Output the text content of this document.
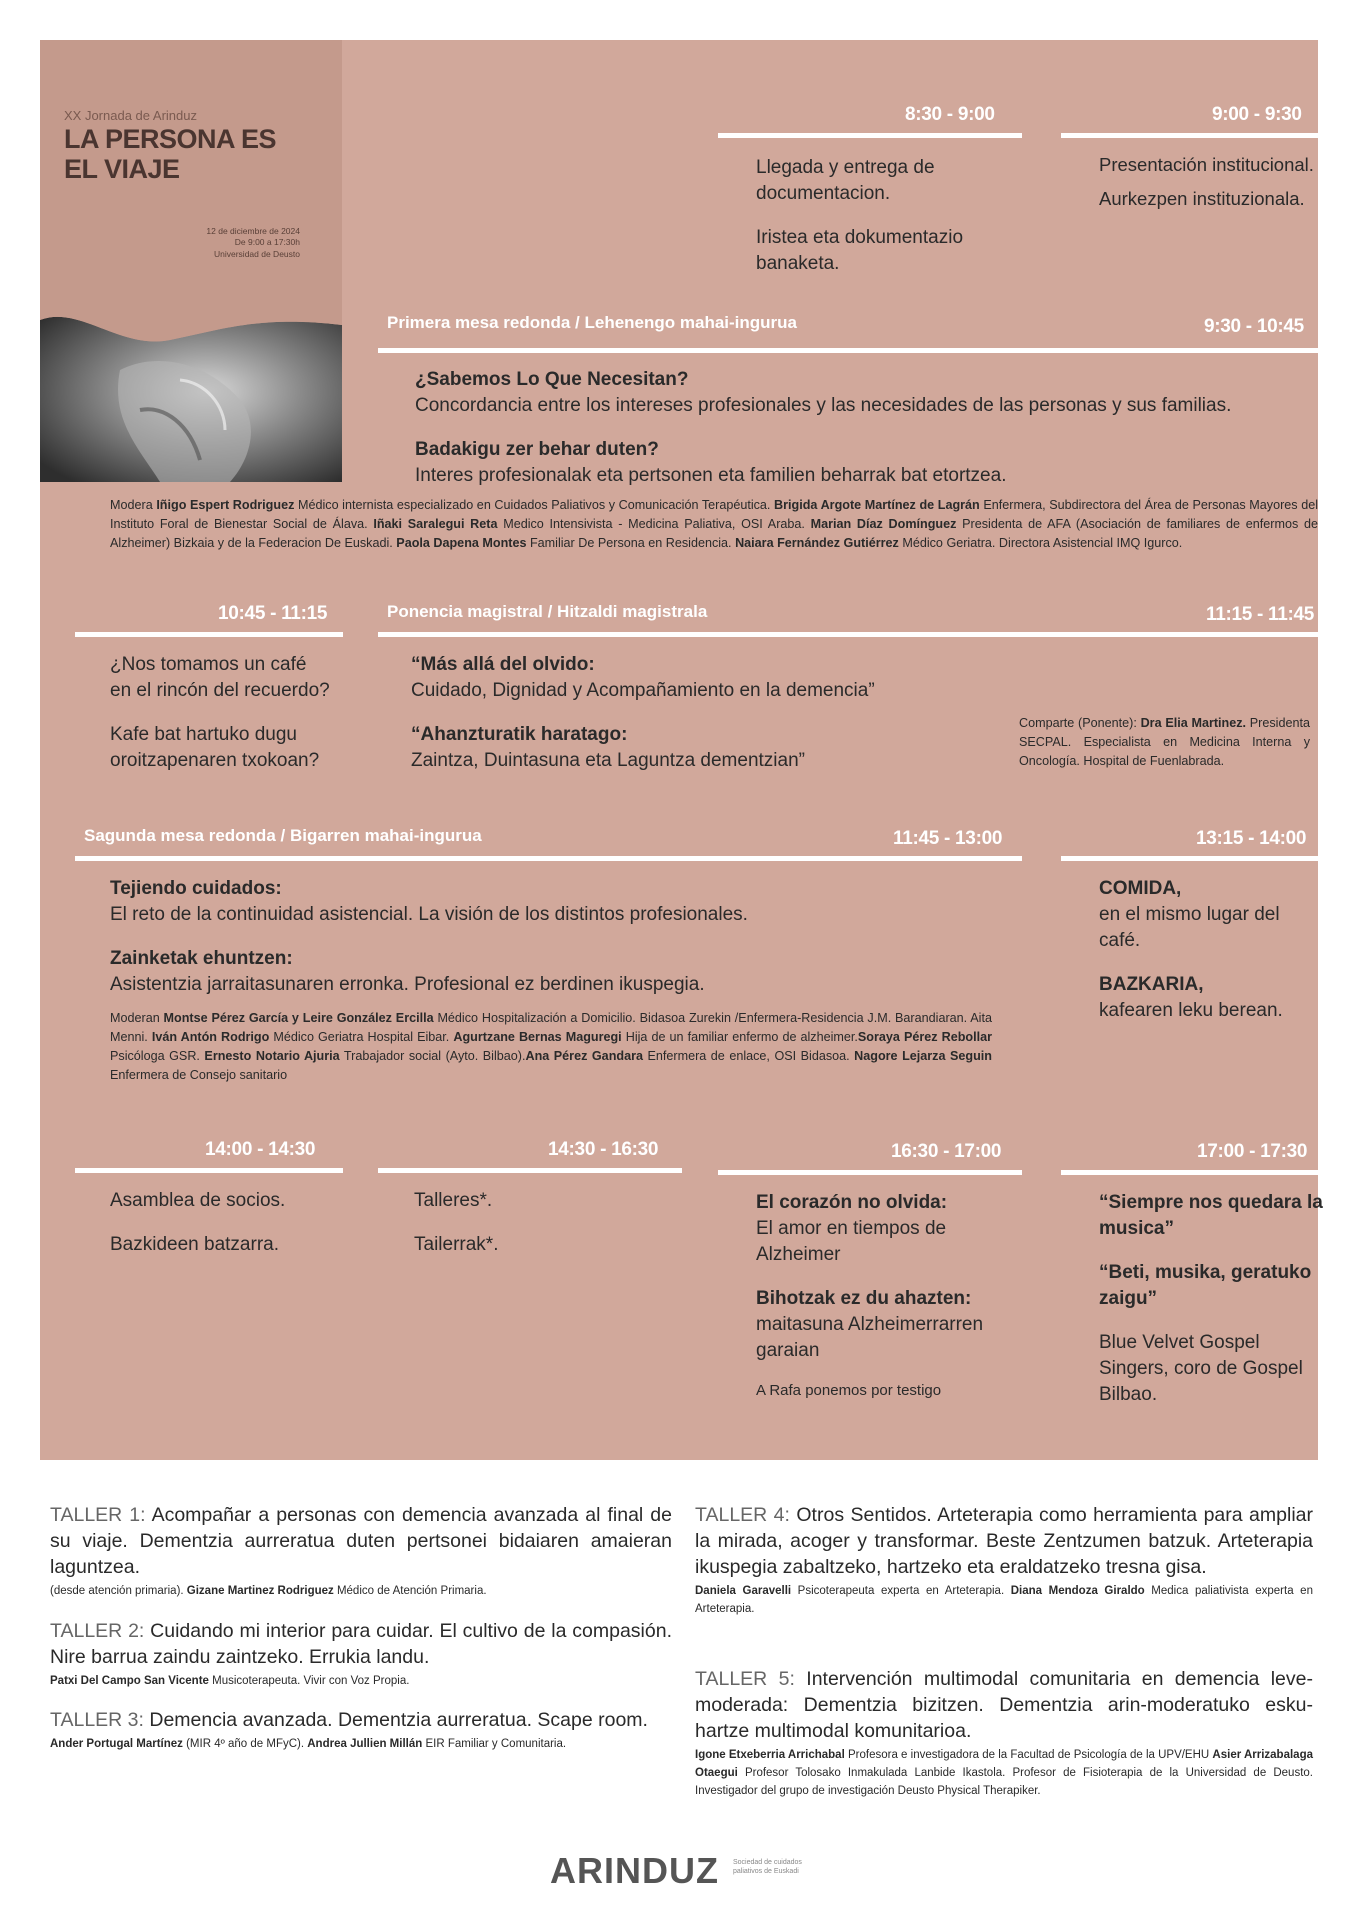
XX Jornada de Arinduz
LA PERSONA ES
EL VIAJE
12 de diciembre de 2024
De 9:00 a 17:30h
Universidad de Deusto
8:30 - 9:00

Llegada y entrega de documentacion.

Iristea eta dokumentazio banaketa.

9:00 - 9:30

Presentación institucional.

Aurkezpen instituzionala.

Primera mesa redonda / Lehenengo mahai-ingurua	9:30 - 10:45
¿Sabemos Lo Que Necesitan?

Concordancia entre los intereses profesionales y las necesidades de las personas y sus familias.

Badakigu zer behar duten?
Interes profesionalak eta pertsonen eta familien beharrak bat etortzea.
Modera Iñigo Espert Rodriguez Médico internista especializado en Cuidados Paliativos y Comunicación Terapéutica. Brigida Argote Martínez de Lagrán Enfermera, Subdirectora del Área de Personas Mayores del Instituto Foral de Bienestar Social de Álava. Iñaki Saralegui Reta Medico Intensivista - Medicina Paliativa, OSI Araba. Marian Díaz Domínguez Presidenta de AFA (Asociación de familiares de enfermos de Alzheimer) Bizkaia y de la Federacion De Euskadi. Paola Dapena Montes Familiar De Persona en Residencia. Naiara Fernández Gutiérrez Médico Geriatra. Directora Asistencial IMQ Igurco.
10:45 - 11:15
¿Nos tomamos un café

en el rincón del recuerdo?

Kafe bat hartuko dugu
oroitzapenaren txokoan?
Ponencia magistral / Hitzaldi magistrala	11:15 - 11:45
“Más allá del olvido:

Cuidado, Dignidad y Acompañamiento en la demencia”

“Ahanzturatik haratago:
Zaintza, Duintasuna eta Laguntza dementzian”
Comparte (Ponente): Dra Elia Martinez. Presidenta SECPAL. Especialista en Medicina Interna y Oncología. Hospital de Fuenlabrada.
Sagunda mesa redonda / Bigarren mahai-ingurua	11:45 - 13:00
Tejiendo cuidados:

El reto de la continuidad asistencial. La visión de los distintos profesionales.

Zainketak ehuntzen:
Asistentzia jarraitasunaren erronka. Profesional ez berdinen ikuspegia.
Moderan Montse Pérez García y Leire González Ercilla Médico Hospitalización a Domicilio. Bidasoa Zurekin /Enfermera-Residencia J.M. Barandiaran. Aita Menni. Iván Antón Rodrigo Médico Geriatra Hospital Eibar. Agurtzane Bernas Maguregi Hija de un familiar enfermo de alzheimer.Soraya Pérez Rebollar Psicóloga GSR. Ernesto Notario Ajuria Trabajador social (Ayto. Bilbao).Ana Pérez Gandara Enfermera de enlace, OSI Bidasoa. Nagore Lejarza Seguin Enfermera de Consejo sanitario
13:15 - 14:00
COMIDA,

en el mismo lugar del café.

BAZKARIA,
kafearen leku berean.
14:00 - 14:30

Asamblea de socios.

Bazkideen batzarra.

14:30 - 16:30

Talleres*.

Tailerrak*.

16:30 - 17:00
El corazón no olvida:

El amor en tiempos de Alzheimer

Bihotzak ez du ahazten:

maitasuna Alzheimerrarren garaian

A Rafa ponemos por testigo
17:00 - 17:30

“Siempre nos quedara la musica”

“Beti, musika, geratuko zaigu”

Blue Velvet Gospel Singers, coro de Gospel Bilbao.
TALLER 1: Acompañar a personas con demencia avanzada al final de su viaje. Dementzia aurreratua duten pertsonei bidaiaren amaieran laguntzea.
(desde atención primaria). Gizane Martinez Rodriguez Médico de Atención Primaria.
TALLER 2: Cuidando mi interior para cuidar. El cultivo de la compasión. Nire barrua zaindu zaintzeko. Errukia landu.
Patxi Del Campo San Vicente Musicoterapeuta. Vivir con Voz Propia.
TALLER 3: Demencia avanzada. Dementzia aurreratua. Scape room.
Ander Portugal Martínez (MIR 4º año de MFyC). Andrea Jullien Millán EIR Familiar y Comunitaria.
TALLER 4: Otros Sentidos. Arteterapia como herramienta para ampliar la mirada, acoger y transformar. Beste Zentzumen batzuk. Arteterapia ikuspegia zabaltzeko, hartzeko eta eraldatzeko tresna gisa.
Daniela Garavelli Psicoterapeuta experta en Arteterapia. Diana Mendoza Giraldo Medica paliativista experta en Arteterapia.
TALLER 5: Intervención multimodal comunitaria en demencia leve-moderada: Dementzia bizitzen. Dementzia arin-moderatuko esku-hartze multimodal komunitarioa.
Igone Etxeberria Arrichabal Profesora e investigadora de la Facultad de Psicología de la UPV/EHU Asier Arrizabalaga Otaegui Profesor Tolosako Inmakulada Lanbide Ikastola. Profesor de Fisioterapia de la Universidad de Deusto. Investigador del grupo de investigación Deusto Physical Therapiker.
ARINDUZ Sociedad de cuidados
paliativos de Euskadi
